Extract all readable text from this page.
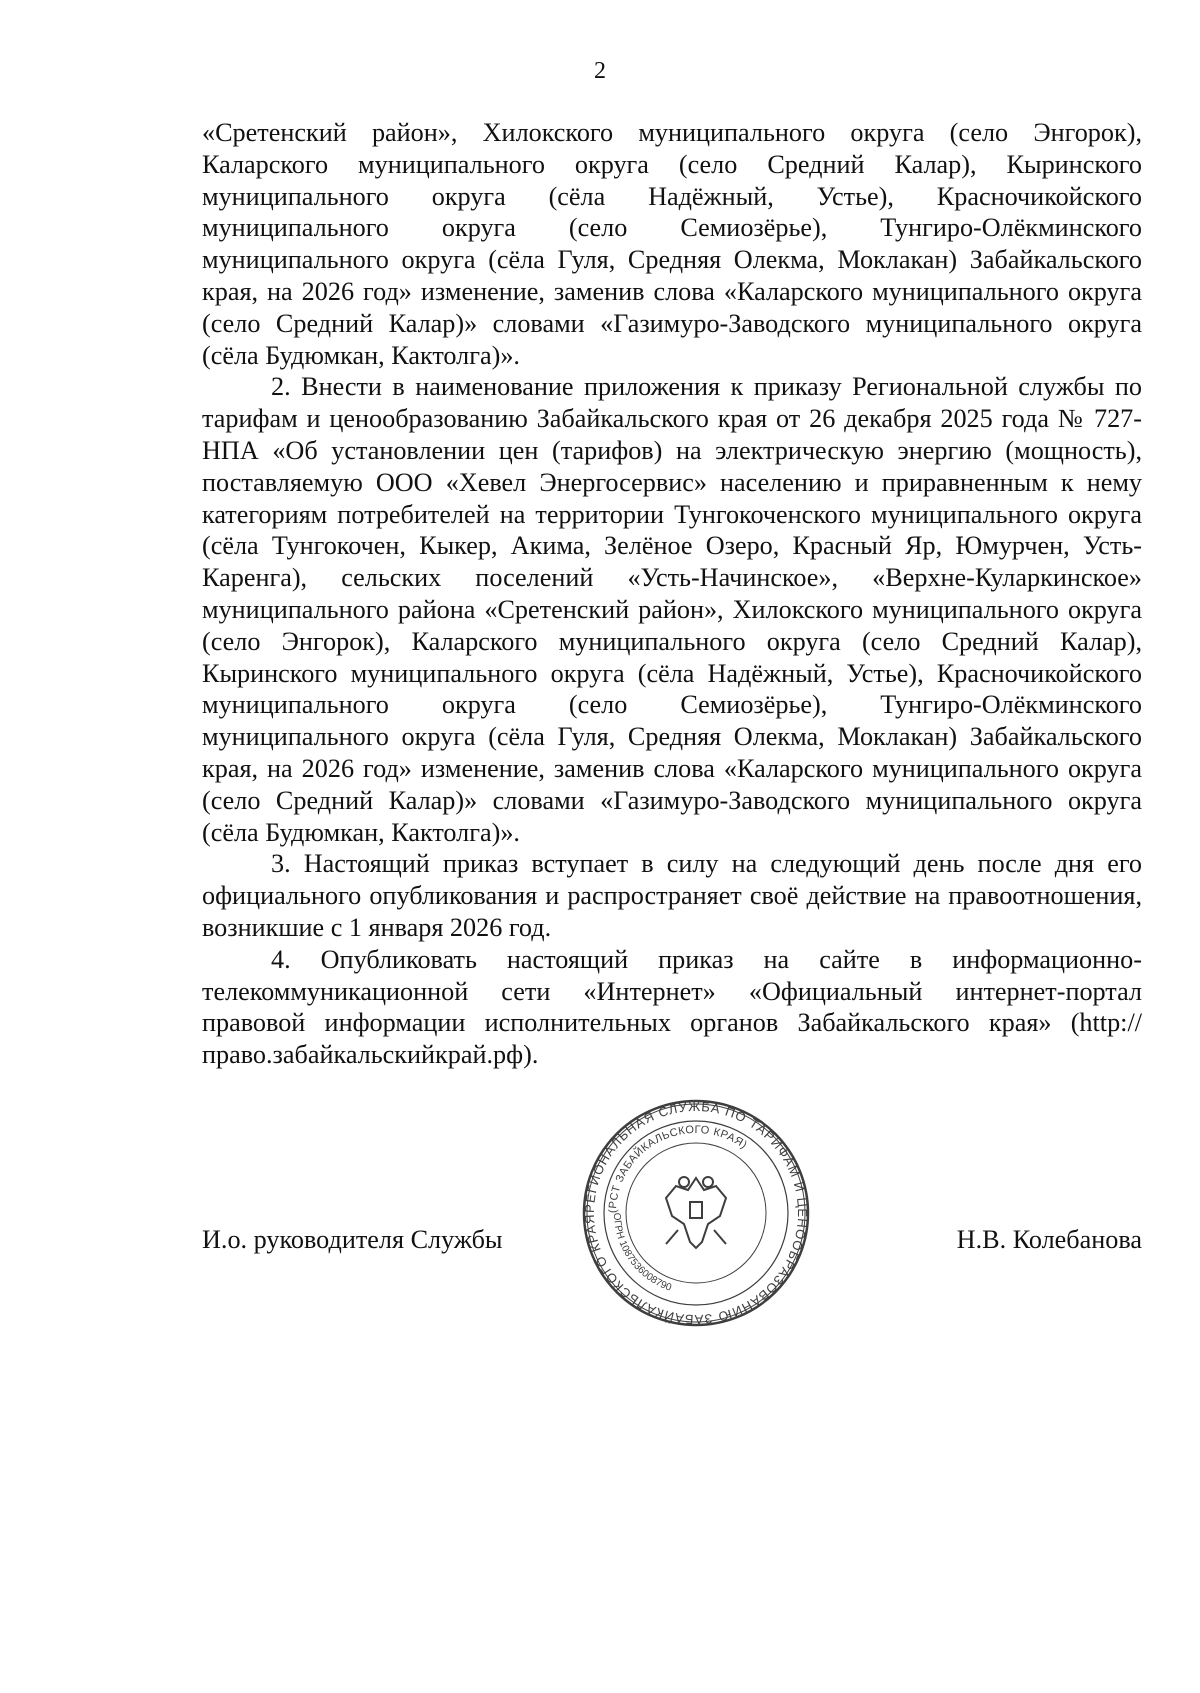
2

«Сретенский район», Хилокского муниципального округа (село Энгорок), Каларского муниципального округа (село Средний Калар), Кыринского муниципального округа (сёла Надёжный, Устье), Красночикойского муниципального округа (село Семиозёрье), Тунгиро-Олёкминского муниципального округа (сёла Гуля, Средняя Олекма, Моклакан) Забайкальского края, на 2026 год» изменение, заменив слова «Каларского муниципального округа (село Средний Калар)» словами «Газимуро-Заводского муниципального округа (сёла Будюмкан, Кактолга)».

2. Внести в наименование приложения к приказу Региональной службы по тарифам и ценообразованию Забайкальского края от 26 декабря 2025 года № 727-НПА «Об установлении цен (тарифов) на электрическую энергию (мощность), поставляемую ООО «Хевел Энергосервис» населению и приравненным к нему категориям потребителей на территории Тунгокоченского муниципального округа (сёла Тунгокочен, Кыкер, Акима, Зелёное Озеро, Красный Яр, Юмурчен, Усть-Каренга), сельских поселений «Усть-Начинское», «Верхне-Куларкинское» муниципального района «Сретенский район», Хилокского муниципального округа (село Энгорок), Каларского муниципального округа (село Средний Калар), Кыринского муниципального округа (сёла Надёжный, Устье), Красночикойского муниципального округа (село Семиозёрье), Тунгиро-Олёкминского муниципального округа (сёла Гуля, Средняя Олекма, Моклакан) Забайкальского края, на 2026 год» изменение, заменив слова «Каларского муниципального округа (село Средний Калар)» словами «Газимуро-Заводского муниципального округа (сёла Будюмкан, Кактолга)».

3. Настоящий приказ вступает в силу на следующий день после дня его официального опубликования и распространяет своё действие на правоотношения, возникшие с 1 января 2026 год.

4. Опубликовать настоящий приказ на сайте в информационно-телекоммуникационной сети «Интернет» «Официальный интернет-портал правовой информации исполнительных органов Забайкальского края» (http://право.забайкальскийкрай.рф).

И.о. руководителя Службы	Н.В. Колебанова
РЕГИОНАЛЬНАЯ СЛУЖБА ПО ТАРИФАМ И ЦЕНООБРАЗОВАНИЮ ЗАБАЙКАЛЬСКОГО КРАЯ
(РСТ ЗАБАЙКАЛЬСКОГО КРАЯ)
ОГРН 1087536008790
